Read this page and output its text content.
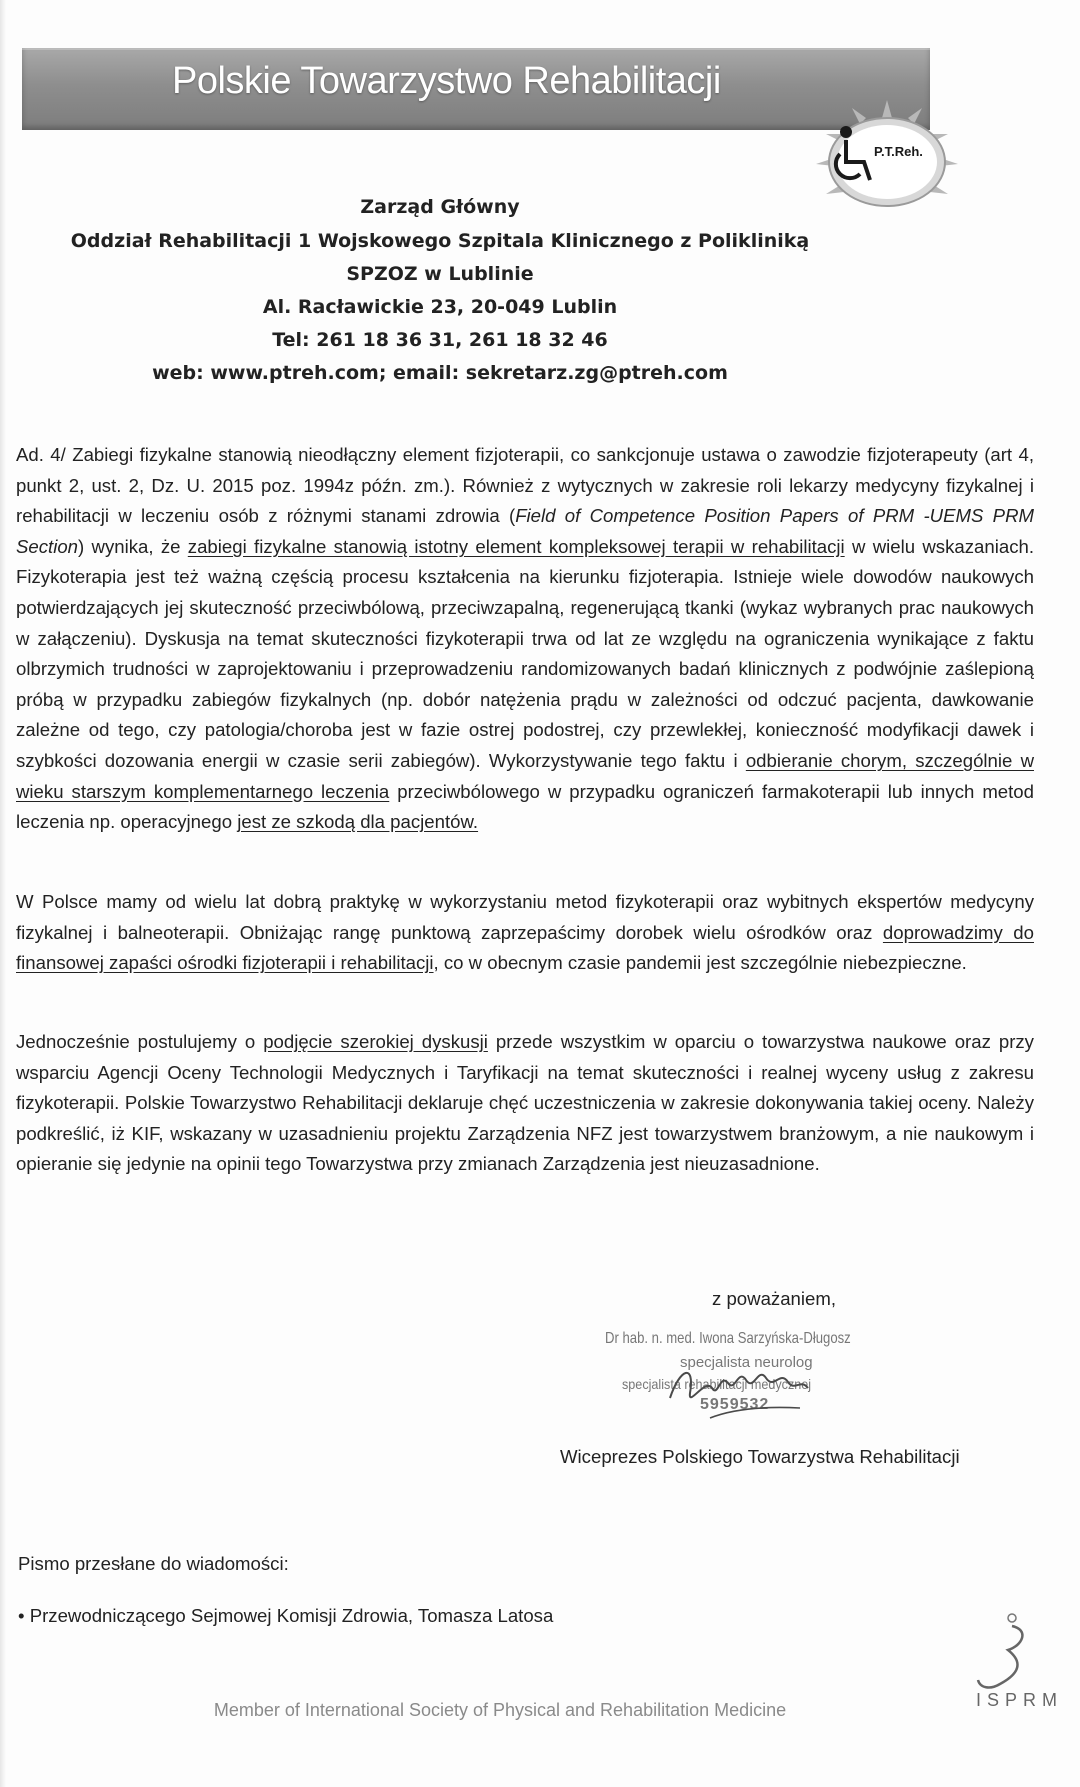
Polskie Towarzystwo Rehabilitacji
P.T.Reh.
Zarząd Główny
Oddział Rehabilitacji 1 Wojskowego Szpitala Klinicznego z Polikliniką
SPZOZ w Lublinie
Al. Racławickie 23, 20-049 Lublin
Tel: 261 18 36 31, 261 18 32 46
web: www.ptreh.com; email: sekretarz.zg@ptreh.com
Ad. 4/ Zabiegi fizykalne stanowią nieodłączny element fizjoterapii, co sankcjonuje ustawa o zawodzie fizjoterapeuty (art 4, punkt 2, ust. 2, Dz. U. 2015 poz. 1994z późn. zm.). Również z wytycznych w zakresie roli lekarzy medycyny fizykalnej i rehabilitacji w leczeniu osób z różnymi stanami zdrowia (Field of Competence Position Papers of PRM -UEMS PRM Section) wynika, że zabiegi fizykalne stanowią istotny element kompleksowej terapii w rehabilitacji w wielu wskazaniach. Fizykoterapia jest też ważną częścią procesu kształcenia na kierunku fizjoterapia. Istnieje wiele dowodów naukowych potwierdzających jej skuteczność przeciwbólową, przeciwzapalną, regenerującą tkanki (wykaz wybranych prac naukowych w załączeniu). Dyskusja na temat skuteczności fizykoterapii trwa od lat ze względu na ograniczenia wynikające z faktu olbrzymich trudności w zaprojektowaniu i przeprowadzeniu randomizowanych badań klinicznych z podwójnie zaślepioną próbą w przypadku zabiegów fizykalnych (np. dobór natężenia prądu w zależności od odczuć pacjenta, dawkowanie zależne od tego, czy patologia/choroba jest w fazie ostrej podostrej, czy przewlekłej, konieczność modyfikacji dawek i szybkości dozowania energii w czasie serii zabiegów). Wykorzystywanie tego faktu i odbieranie chorym, szczególnie w wieku starszym komplementarnego leczenia przeciwbólowego w przypadku ograniczeń farmakoterapii lub innych metod leczenia np. operacyjnego jest ze szkodą dla pacjentów.
W Polsce mamy od wielu lat dobrą praktykę w wykorzystaniu metod fizykoterapii oraz wybitnych ekspertów medycyny fizykalnej i balneoterapii. Obniżając rangę punktową zaprzepaścimy dorobek wielu ośrodków oraz doprowadzimy do finansowej zapaści ośrodki fizjoterapii i rehabilitacji, co w obecnym czasie pandemii jest szczególnie niebezpieczne.
Jednocześnie postulujemy o podjęcie szerokiej dyskusji przede wszystkim w oparciu o towarzystwa naukowe oraz przy wsparciu Agencji Oceny Technologii Medycznych i Taryfikacji na temat skuteczności i realnej wyceny usług z zakresu fizykoterapii. Polskie Towarzystwo Rehabilitacji deklaruje chęć uczestniczenia w zakresie dokonywania takiej oceny. Należy podkreślić, iż KIF, wskazany w uzasadnieniu projektu Zarządzenia NFZ jest towarzystwem branżowym, a nie naukowym i opieranie się jedynie na opinii tego Towarzystwa przy zmianach Zarządzenia jest nieuzasadnione.
z poważaniem,
Dr hab. n. med. Iwona Sarzyńska-Długosz
specjalista neurolog
specjalista rehabilitacji medycznej
5959532
Wiceprezes Polskiego Towarzystwa Rehabilitacji
Pismo przesłane do wiadomości:
• Przewodniczącego Sejmowej Komisji Zdrowia, Tomasza Latosa
Member of International Society of Physical and Rehabilitation Medicine	ISPRM
